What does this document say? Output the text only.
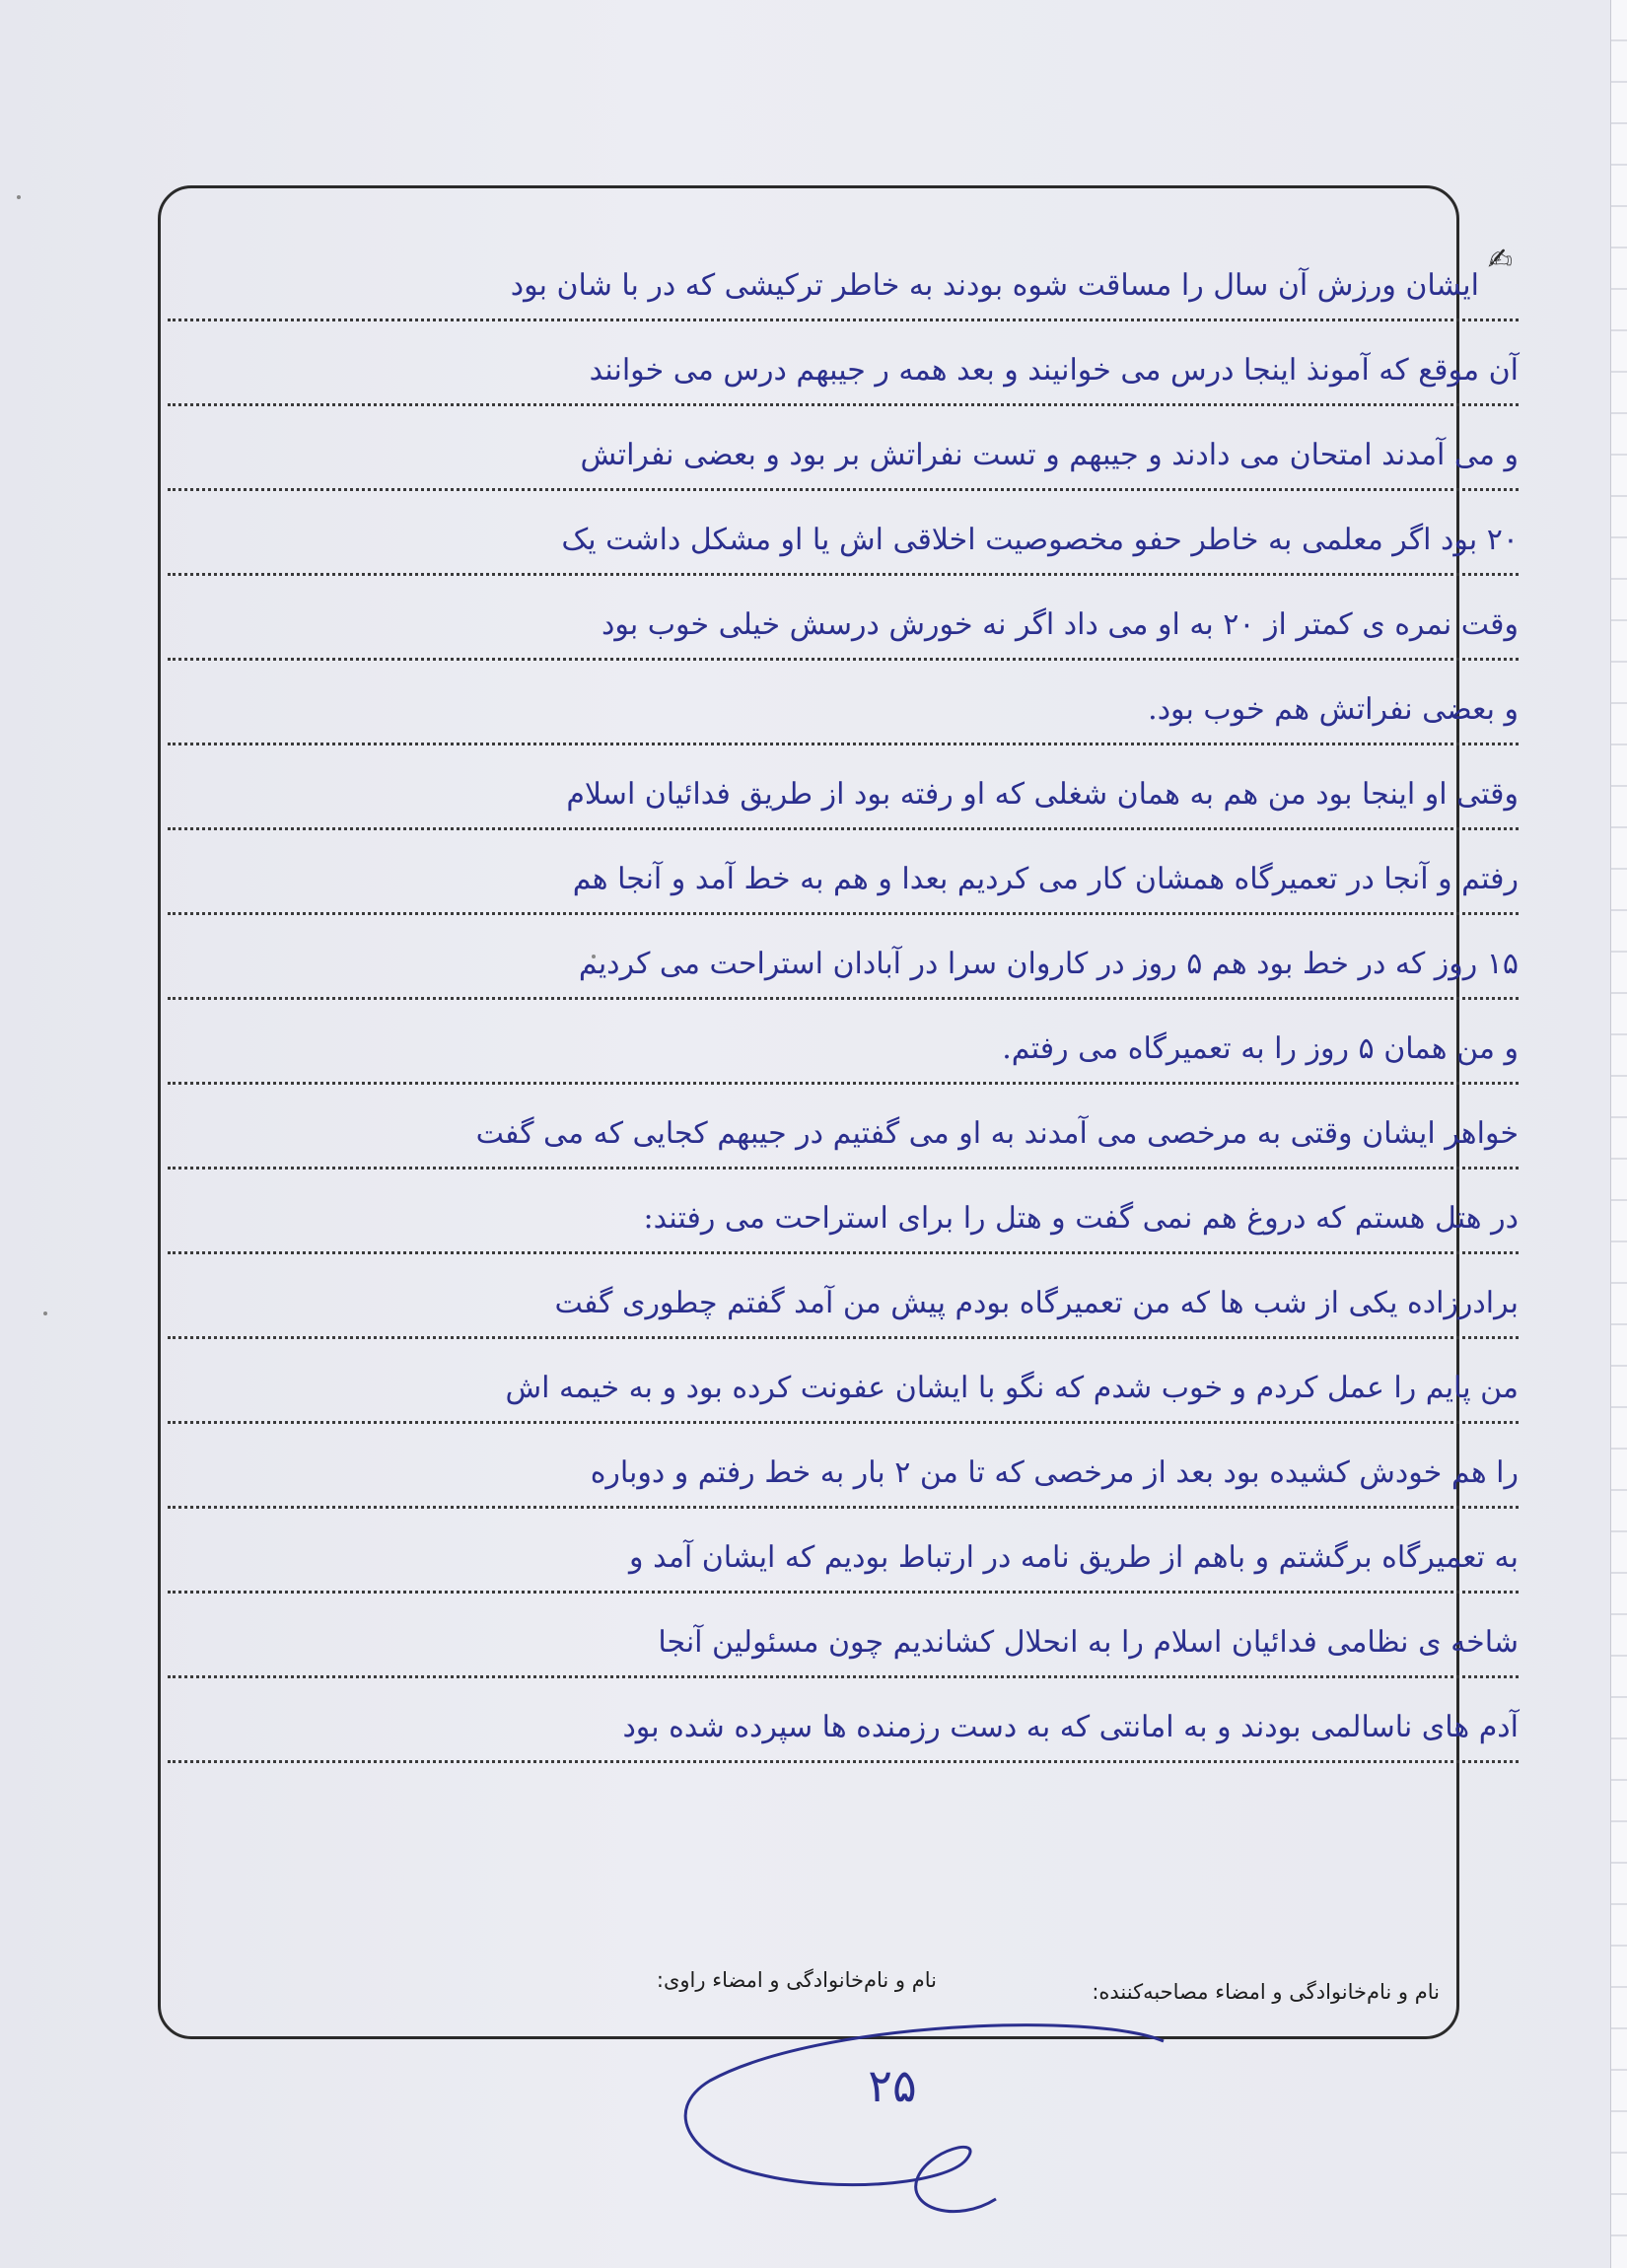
✍
ایشان ورزش آن سال را مساقت شوه بودند به خاطر ترکیشی که در با شان بود
آن موقع که آمونذ اینجا درس می خوانیند و بعد همه ر جیبهم درس می خوانند
و می آمدند امتحان می دادند و جیبهم و تست نفراتش بر بود و بعضی نفراتش
۲۰ بود اگر معلمی به خاطر حفو مخصوصیت اخلاقی اش یا او مشکل داشت یک
وقت نمره ی کمتر از ۲۰ به او می داد اگر نه خورش درسش خیلی خوب بود
و بعضی نفراتش هم خوب بود.
وقتی او اینجا بود من هم به همان شغلی که او رفته بود از طریق فدائیان اسلام
رفتم و آنجا در تعمیرگاه همشان کار می کردیم بعدا و هم به خط آمد و آنجا هم
۱۵ روز که در خط بود هم ۵ روز در کاروان سرا در آبادان استراحت می کردیم
و من همان ۵ روز را به تعمیرگاه می رفتم.
خواهر ایشان وقتی به مرخصی می آمدند به او می گفتیم در جیبهم کجایی که می گفت
در هتل هستم که دروغ هم نمی گفت و هتل را برای استراحت می رفتند:
برادرزاده یکی از شب ها که من تعمیرگاه بودم پیش من آمد گفتم چطوری گفت
من پایم را عمل کردم و خوب شدم که نگو با ایشان عفونت کرده بود و به خیمه اش
را هم خودش کشیده بود بعد از مرخصی که تا من ۲ بار به خط رفتم و دوباره
به تعمیرگاه برگشتم و باهم از طریق نامه در ارتباط بودیم که ایشان آمد و
شاخه ی نظامی فدائیان اسلام را به انحلال کشاندیم چون مسئولین آنجا
آدم های ناسالمی بودند و به امانتی که به دست رزمنده ها سپرده شده بود
نام و نام‌خانوادگی و امضاء مصاحبه‌کننده:
نام و نام‌خانوادگی و امضاء راوی:
۲۵
